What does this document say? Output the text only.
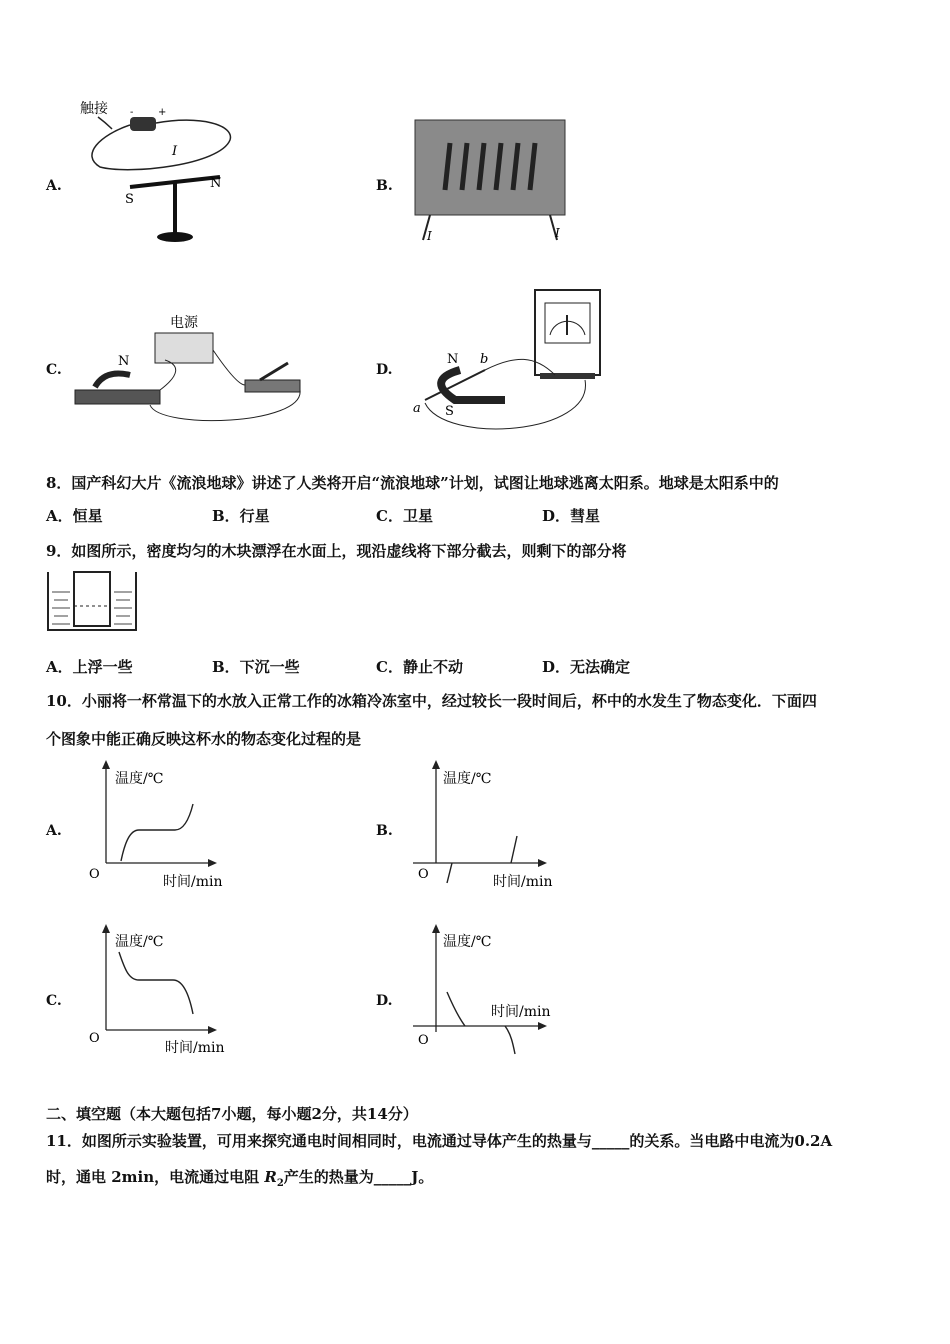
A.
触接 - +
I
S
N	B.
I	I
C.
电源
N
D.
N b
a S
8．国产科幻大片《流浪地球》讲述了人类将开启“流浪地球”计划，试图让地球逃离太阳系。地球是太阳系中的
A．恒星	B．行星	C．卫星	D．彗星
9．如图所示，密度均匀的木块漂浮在水面上，现沿虚线将下部分截去，则剩下的部分将
A．上浮一些	B．下沉一些	C．静止不动	D．无法确定
10．小丽将一杯常温下的水放入正常工作的冰箱冷冻室中，经过较长一段时间后，杯中的水发生了物态变化．下面四
个图象中能正确反映这杯水的物态变化过程的是
A.
温度/℃
时间/min
O
B.
温度/℃
时间/min
O
C.
温度/℃
时间/min
O
D.
温度/℃
时间/min
O
二、填空题（本大题包括7小题，每小题2分，共14分）
11．如图所示实验装置，可用来探究通电时间相同时，电流通过导体产生的热量与_____的关系。当电路中电流为0.2A
时，通电 2min，电流通过电阻 $R_2$产生的热量为_____J。
